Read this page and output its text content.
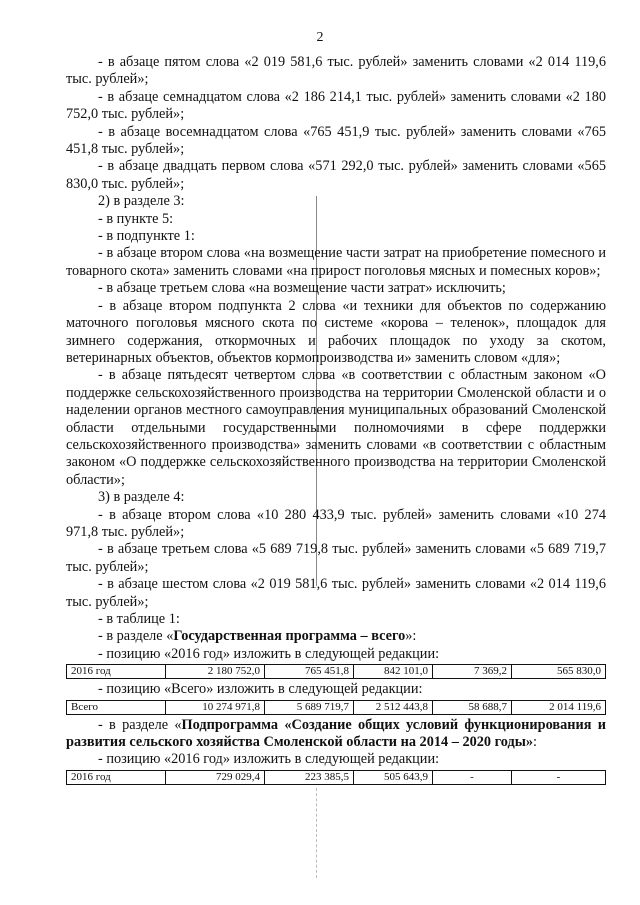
2

- в абзаце пятом слова «2 019 581,6 тыс. рублей» заменить словами «2 014 119,6 тыс. рублей»;

- в абзаце семнадцатом слова «2 186 214,1 тыс. рублей» заменить словами «2 180 752,0 тыс. рублей»;

- в абзаце восемнадцатом слова «765 451,9 тыс. рублей» заменить словами «765 451,8 тыс. рублей»;

- в абзаце двадцать первом слова «571 292,0 тыс. рублей» заменить словами «565 830,0 тыс. рублей»;

2) в разделе 3:

- в пункте 5:

- в подпункте 1:

- в абзаце втором слова «на возмещение части затрат на приобретение помесного и товарного скота» заменить словами «на прирост поголовья мясных и помесных коров»;

- в абзаце третьем слова «на возмещение части затрат» исключить;

- в абзаце втором подпункта 2 слова «и техники для объектов по содержанию маточного поголовья мясного скота по системе «корова – теленок», площадок для зимнего содержания, откормочных и рабочих площадок по уходу за скотом, ветеринарных объектов, объектов кормопроизводства и» заменить словом «для»;

- в абзаце пятьдесят четвертом слова «в соответствии с областным законом «О поддержке сельскохозяйственного производства на территории Смоленской области и о наделении органов местного самоуправления муниципальных образований Смоленской области отдельными государственными полномочиями в сфере поддержки сельскохозяйственного производства» заменить словами «в соответствии с областным законом «О поддержке сельскохозяйственного производства на территории Смоленской области»;

3) в разделе 4:

- в абзаце втором слова «10 280 433,9 тыс. рублей» заменить словами «10 274 971,8 тыс. рублей»;

- в абзаце третьем слова «5 689 719,8 тыс. рублей» заменить словами «5 689 719,7 тыс. рублей»;

- в абзаце шестом слова «2 019 581,6 тыс. рублей» заменить словами «2 014 119,6 тыс. рублей»;

- в таблице 1:

- в разделе «Государственная программа – всего»:

- позицию «2016 год» изложить в следующей редакции:

2016 год	2 180 752,0	765 451,8	842 101,0	7 369,2	565 830,0

- позицию «Всего» изложить в следующей редакции:

Всего	10 274 971,8	5 689 719,7	2 512 443,8	58 688,7	2 014 119,6

- в разделе «Подпрограмма «Создание общих условий функционирования и развития сельского хозяйства Смоленской области на 2014 – 2020 годы»:

- позицию «2016 год» изложить в следующей редакции:

2016 год	729 029,4	223 385,5	505 643,9	-	-
